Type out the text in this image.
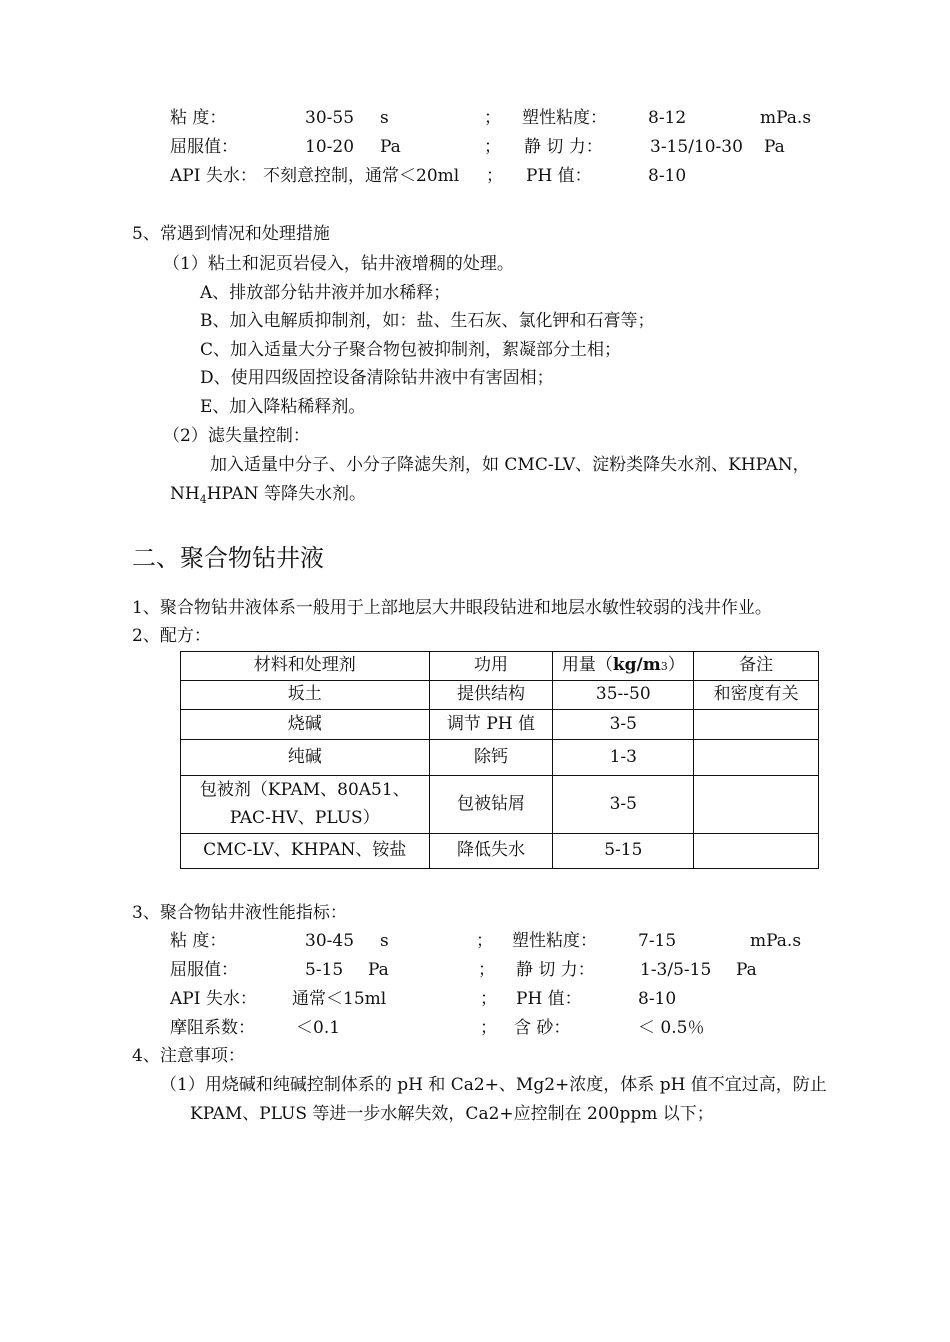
粘 度：	30-55 s	； 塑性粘度： 8-12	mPa.s
屈服值：	10-20 Pa	； 静 切 力：	3-15/10-30 Pa
API 失水： 不刻意控制，通常＜20ml ； PH 值：	8-10
5、常遇到情况和处理措施
（1）粘土和泥页岩侵入，钻井液增稠的处理。
A、排放部分钻井液并加水稀释；
B、加入电解质抑制剂，如：盐、生石灰、氯化钾和石膏等；
C、加入适量大分子聚合物包被抑制剂，絮凝部分土相；
D、使用四级固控设备清除钻井液中有害固相；
E、加入降粘稀释剂。
（2）滤失量控制：
加入适量中分子、小分子降滤失剂，如 CMC-LV、淀粉类降失水剂、KHPAN，
$NH_4HPAN$ 等降失水剂。
二、聚合物钻井液
1、聚合物钻井液体系一般用于上部地层大井眼段钻进和地层水敏性较弱的浅井作业。
2、配方：
材料和处理剂	功用	用量（kg/m3）	备注
坂土	提供结构	35--50	和密度有关
烧碱	调节 PH 值	3-5	
纯碱	除钙	1-3	
包被剂（KPAM、80A51、
PAC-HV、PLUS）	包被钻屑	3-5	
CMC-LV、KHPAN、铵盐	降低失水	5-15	
3、聚合物钻井液性能指标：
粘 度：	30-45 s	； 塑性粘度： 7-15	mPa.s
屈服值：	5-15 Pa	； 静 切 力：	1-3/5-15 Pa
API 失水： 通常＜15ml	； PH 值：	8-10
摩阻系数： ＜0.1	； 含 砂：	＜ 0.5％
4、注意事项：
（1）用烧碱和纯碱控制体系的 pH 和 Ca2+、Mg2+浓度，体系 pH 值不宜过高，防止
KPAM、PLUS 等进一步水解失效，Ca2+应控制在 200ppm 以下；
